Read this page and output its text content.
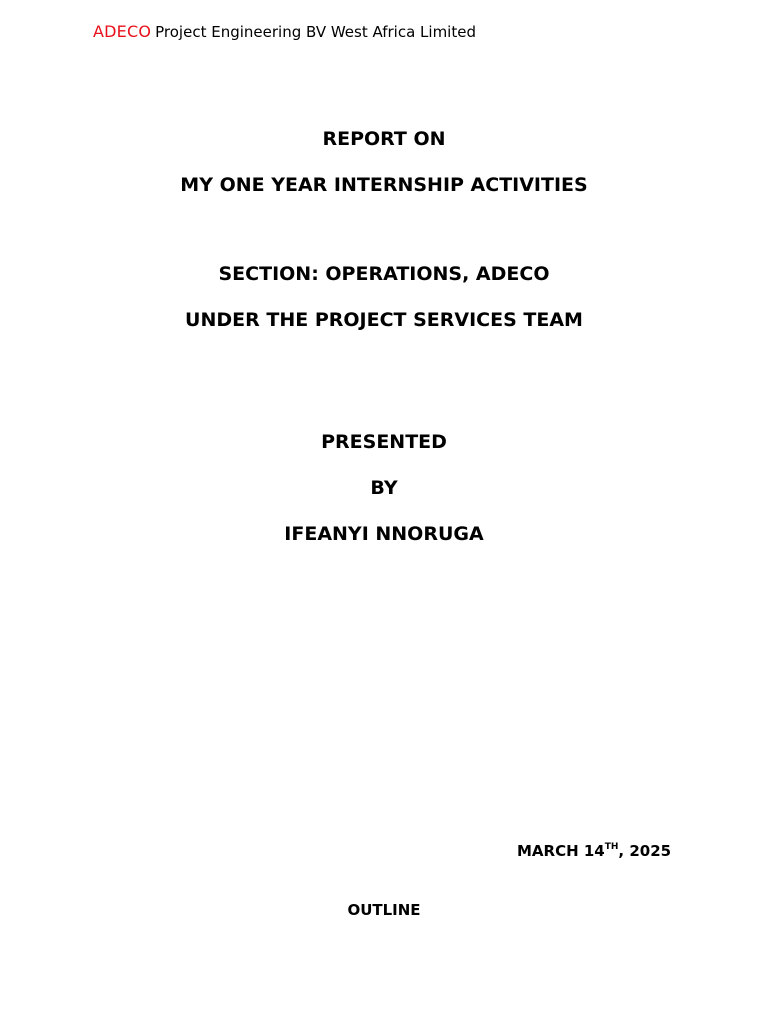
ADECO Project Engineering BV West Africa Limited
REPORT ON
MY ONE YEAR INTERNSHIP ACTIVITIES
SECTION: OPERATIONS, ADECO
UNDER THE PROJECT SERVICES TEAM
PRESENTED
BY
IFEANYI NNORUGA
MARCH 14TH, 2025
OUTLINE
